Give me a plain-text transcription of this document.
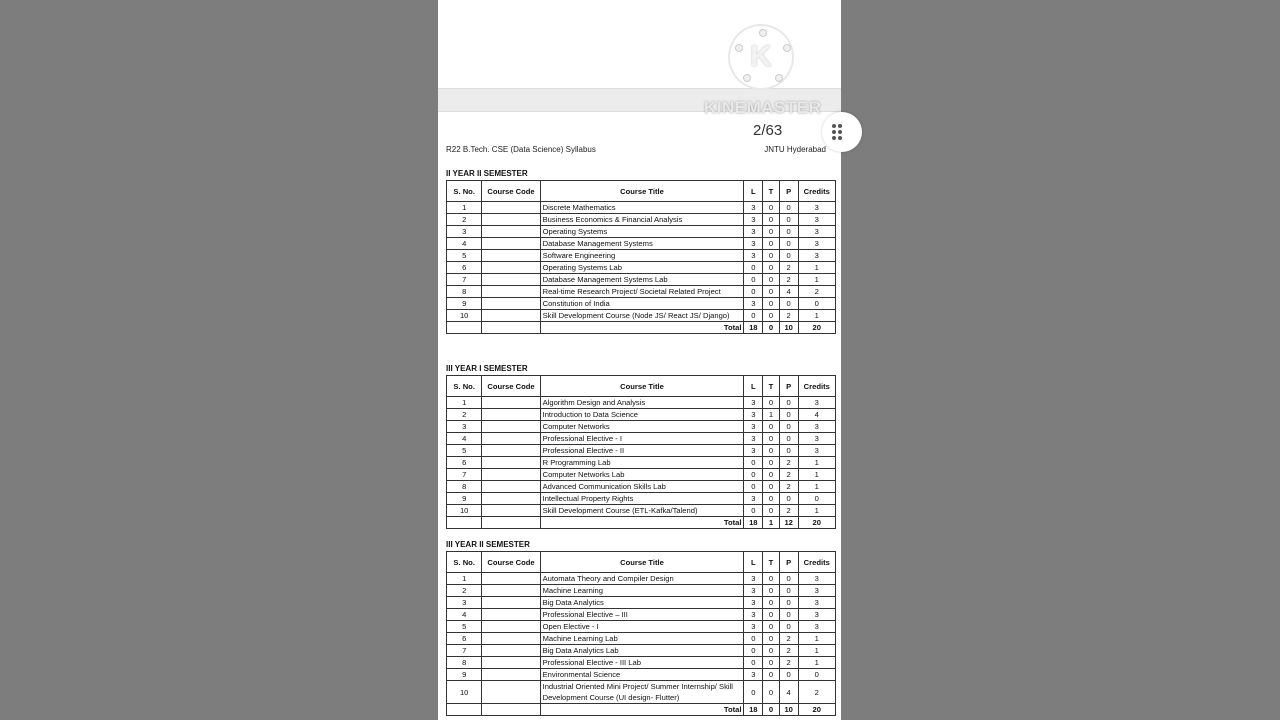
R22 B.Tech. CSE (Data Science) Syllabus	JNTU Hyderabad
II YEAR II SEMESTER
S. No.	Course Code	Course Title	L	T	P	Credits
1		Discrete Mathematics	3	0	0	3
2		Business Economics & Financial Analysis	3	0	0	3
3		Operating Systems	3	0	0	3
4		Database Management Systems	3	0	0	3
5		Software Engineering	3	0	0	3
6		Operating Systems Lab	0	0	2	1
7		Database Management Systems Lab	0	0	2	1
8		Real-time Research Project/ Societal Related Project	0	0	4	2
9		Constitution of India	3	0	0	0
10		Skill Development Course (Node JS/ React JS/ Django)	0	0	2	1
		Total	18	0	10	20
III YEAR I SEMESTER
S. No.	Course Code	Course Title	L	T	P	Credits
1		Algorithm Design and Analysis	3	0	0	3
2		Introduction to Data Science	3	1	0	4
3		Computer Networks	3	0	0	3
4		Professional Elective - I	3	0	0	3
5		Professional Elective - II	3	0	0	3
6		R Programming Lab	0	0	2	1
7		Computer Networks Lab	0	0	2	1
8		Advanced Communication Skills Lab	0	0	2	1
9		Intellectual Property Rights	3	0	0	0
10		Skill Development Course (ETL-Kafka/Talend)	0	0	2	1
		Total	18	1	12	20
III YEAR II SEMESTER
S. No.	Course Code	Course Title	L	T	P	Credits
1		Automata Theory and Compiler Design	3	0	0	3
2		Machine Learning	3	0	0	3
3		Big Data Analytics	3	0	0	3
4		Professional Elective – III	3	0	0	3
5		Open Elective - I	3	0	0	3
6		Machine Learning Lab	0	0	2	1
7		Big Data Analytics Lab	0	0	2	1
8		Professional Elective - III Lab	0	0	2	1
9		Environmental Science	3	0	0	0
10		Industrial Oriented Mini Project/ Summer Internship/ Skill Development Course (UI design- Flutter)	0	0	4	2
		Total	18	0	10	20
K
KINEMASTER
2/63
